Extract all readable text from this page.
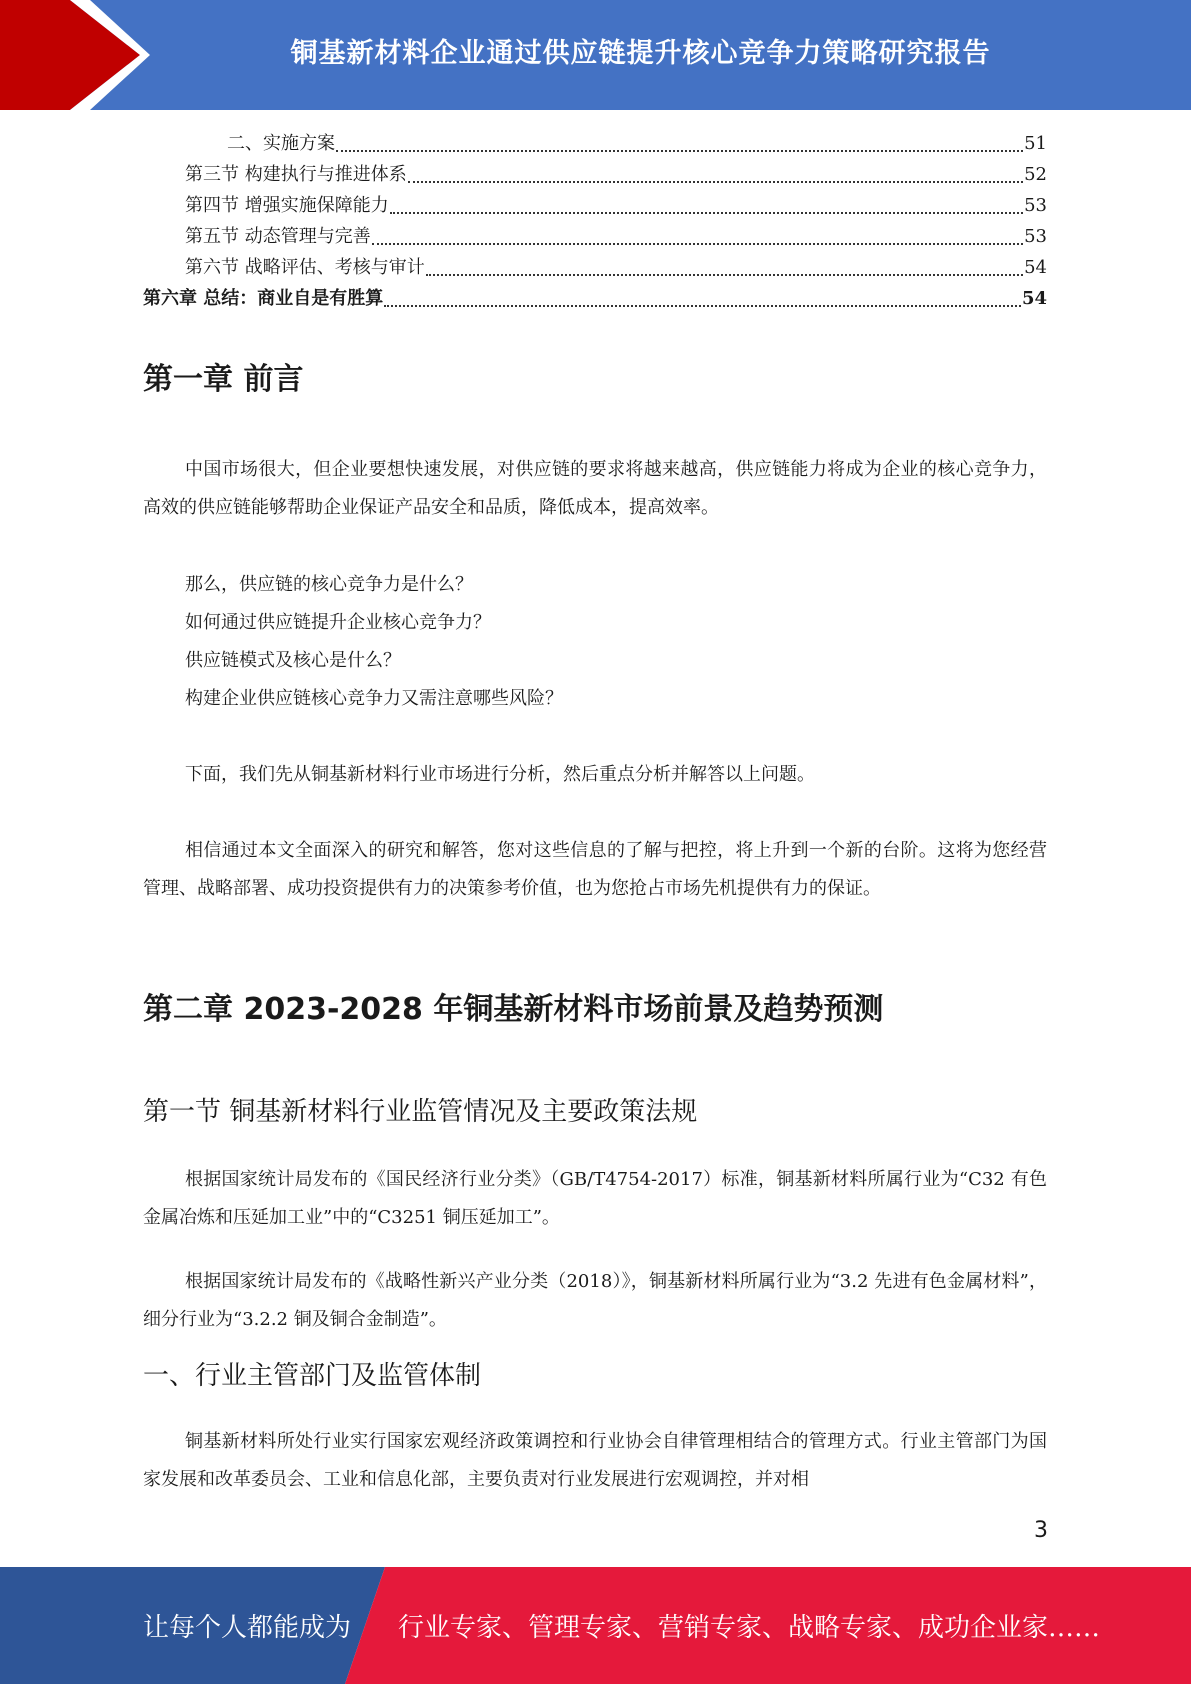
铜基新材料企业通过供应链提升核心竞争力策略研究报告
二、实施方案	51
第三节 构建执行与推进体系	52
第四节 增强实施保障能力	53
第五节 动态管理与完善	53
第六节 战略评估、考核与审计	54
第六章 总结：商业自是有胜算	54
第一章 前言

中国市场很大，但企业要想快速发展，对供应链的要求将越来越高，供应链能力将成为企业的核心竞争力，高效的供应链能够帮助企业保证产品安全和品质，降低成本，提高效率。

那么，供应链的核心竞争力是什么？

如何通过供应链提升企业核心竞争力？

供应链模式及核心是什么？

构建企业供应链核心竞争力又需注意哪些风险？

下面，我们先从铜基新材料行业市场进行分析，然后重点分析并解答以上问题。

相信通过本文全面深入的研究和解答，您对这些信息的了解与把控，将上升到一个新的台阶。这将为您经营管理、战略部署、成功投资提供有力的决策参考价值，也为您抢占市场先机提供有力的保证。

第二章 2023-2028 年铜基新材料市场前景及趋势预测
第一节 铜基新材料行业监管情况及主要政策法规

根据国家统计局发布的《国民经济行业分类》（GB/T4754-2017）标准，铜基新材料所属行业为“C32 有色金属冶炼和压延加工业”中的“C3251 铜压延加工”。

根据国家统计局发布的《战略性新兴产业分类（2018）》，铜基新材料所属行业为“3.2 先进有色金属材料”，细分行业为“3.2.2 铜及铜合金制造”。

一、行业主管部门及监管体制

铜基新材料所处行业实行国家宏观经济政策调控和行业协会自律管理相结合的管理方式。行业主管部门为国家发展和改革委员会、工业和信息化部，主要负责对行业发展进行宏观调控，并对相

3
让每个人都能成为 行业专家、管理专家、营销专家、战略专家、成功企业家……
